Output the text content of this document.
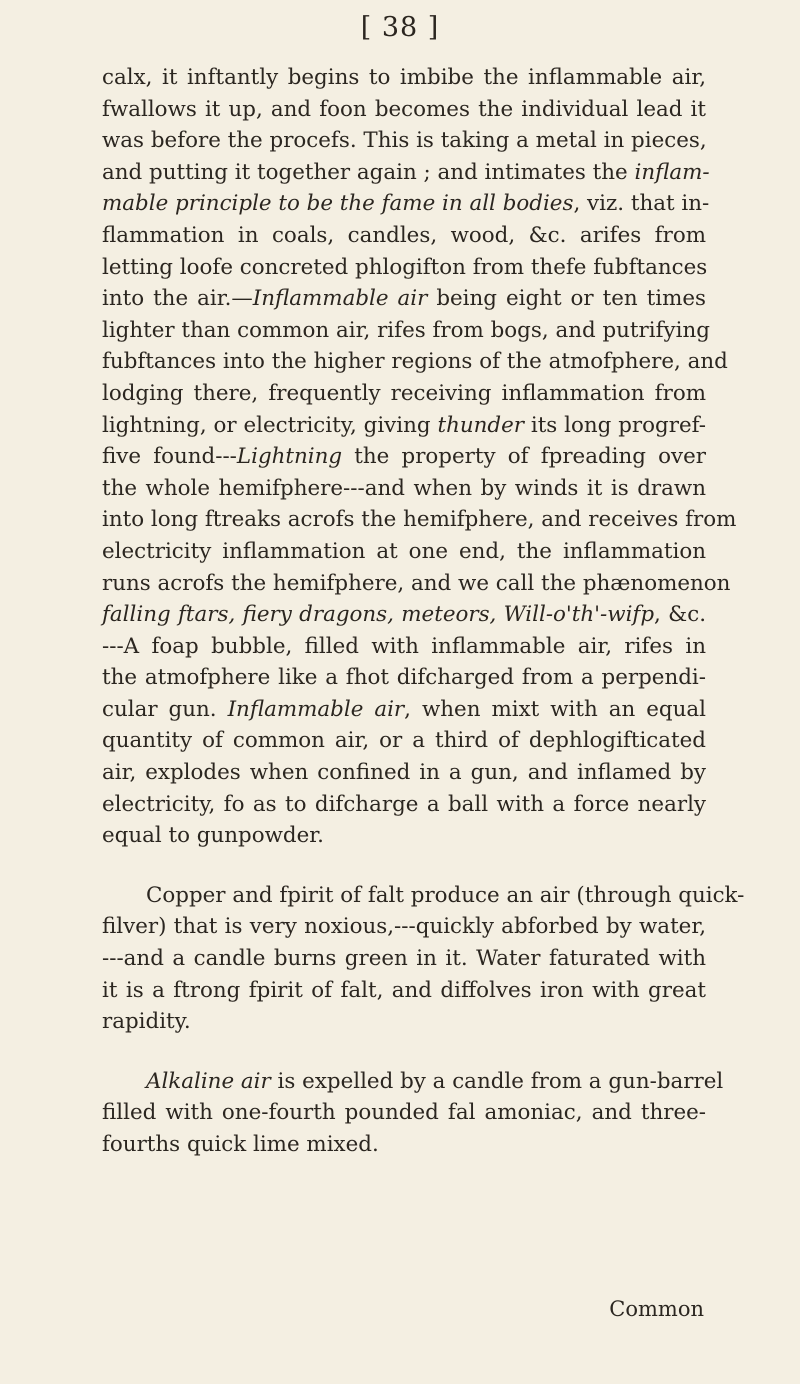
[ 38 ]

calx, it inftantly begins to imbibe the inflammable air,
fwallows it up, and foon becomes the individual lead it
was before the procefs. This is taking a metal in pieces,
and putting it together again ; and intimates the inflam-
mable principle to be the fame in all bodies, viz. that in-
flammation in coals, candles, wood, &c. arifes from
letting loofe concreted phlogifton from thefe fubftances
into the air.—Inflammable air being eight or ten times
lighter than common air, rifes from bogs, and putrifying
fubftances into the higher regions of the atmofphere, and
lodging there, frequently receiving inflammation from
lightning, or electricity, giving thunder its long progref-
five found---Lightning the property of fpreading over
the whole hemifphere---and when by winds it is drawn
into long ftreaks acrofs the hemifphere, and receives from
electricity inflammation at one end, the inflammation
runs acrofs the hemifphere, and we call the phænomenon
falling ftars, fiery dragons, meteors, Will-o'th'-wifp, &c.
---A foap bubble, filled with inflammable air, rifes in
the atmofphere like a fhot difcharged from a perpendi-
cular gun. Inflammable air, when mixt with an equal
quantity of common air, or a third of dephlogifticated
air, explodes when confined in a gun, and inflamed by
electricity, fo as to difcharge a ball with a force nearly
equal to gunpowder.

Copper and fpirit of falt produce an air (through quick-
filver) that is very noxious,---quickly abforbed by water,
---and a candle burns green in it. Water faturated with
it is a ftrong fpirit of falt, and diffolves iron with great
rapidity.

Alkaline air is expelled by a candle from a gun-barrel
filled with one-fourth pounded fal amoniac, and three-
fourths quick lime mixed.

Common
